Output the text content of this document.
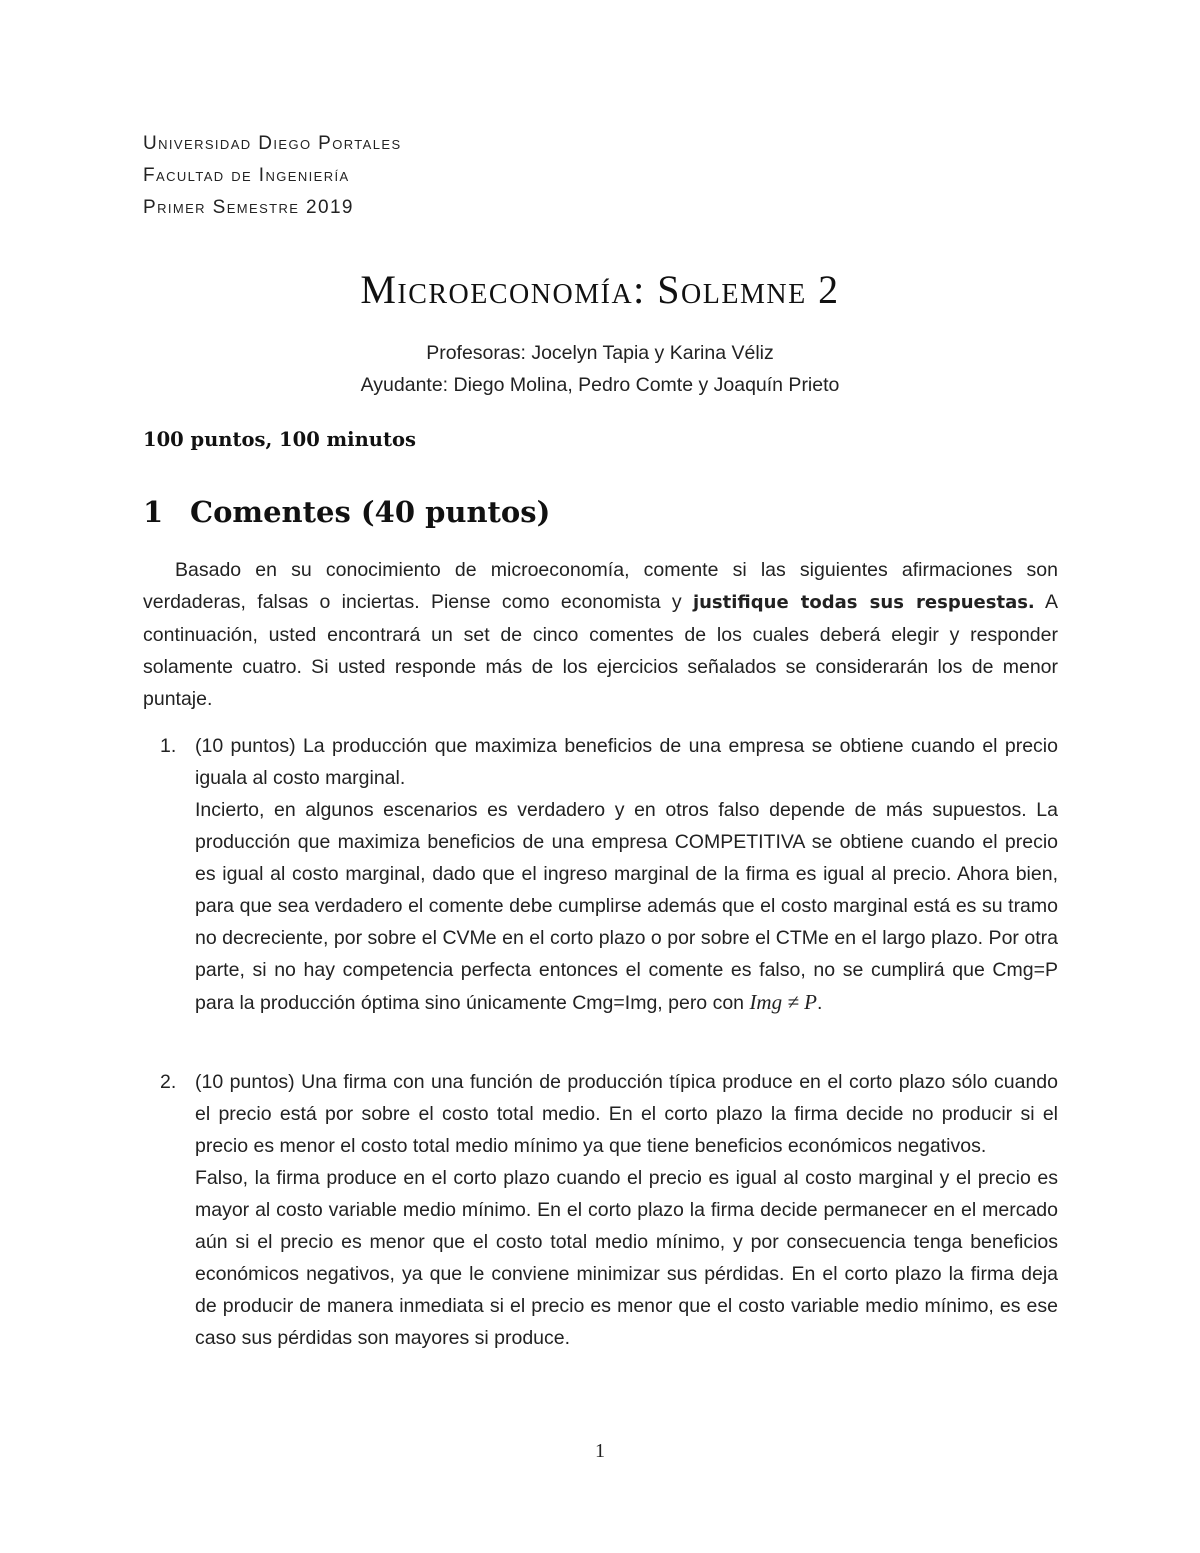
Universidad Diego Portales
Facultad de Ingeniería
Primer Semestre 2019
Microeconomía: Solemne 2
Profesoras: Jocelyn Tapia y Karina Véliz
Ayudante: Diego Molina, Pedro Comte y Joaquín Prieto
100 puntos, 100 minutos
1 Comentes (40 puntos)
Basado en su conocimiento de microeconomía, comente si las siguientes afirmaciones son verdaderas, falsas o inciertas. Piense como economista y justifique todas sus respuestas. A continuación, usted encontrará un set de cinco comentes de los cuales deberá elegir y responder solamente cuatro. Si usted responde más de los ejercicios señalados se considerarán los de menor puntaje.
1. (10 puntos) La producción que maximiza beneficios de una empresa se obtiene cuando el precio iguala al costo marginal.

Incierto, en algunos escenarios es verdadero y en otros falso depende de más supuestos. La producción que maximiza beneficios de una empresa COMPETITIVA se obtiene cuando el precio es igual al costo marginal, dado que el ingreso marginal de la firma es igual al precio. Ahora bien, para que sea verdadero el comente debe cumplirse además que el costo marginal está es su tramo no decreciente, por sobre el CVMe en el corto plazo o por sobre el CTMe en el largo plazo. Por otra parte, si no hay competencia perfecta entonces el comente es falso, no se cumplirá que Cmg=P para la producción óptima sino únicamente Cmg=Img, pero con Img ≠ P.

2. (10 puntos) Una firma con una función de producción típica produce en el corto plazo sólo cuando el precio está por sobre el costo total medio. En el corto plazo la firma decide no producir si el precio es menor el costo total medio mínimo ya que tiene beneficios económicos negativos.

Falso, la firma produce en el corto plazo cuando el precio es igual al costo marginal y el precio es mayor al costo variable medio mínimo. En el corto plazo la firma decide permanecer en el mercado aún si el precio es menor que el costo total medio mínimo, y por consecuencia tenga beneficios económicos negativos, ya que le conviene minimizar sus pérdidas. En el corto plazo la firma deja de producir de manera inmediata si el precio es menor que el costo variable medio mínimo, es ese caso sus pérdidas son mayores si produce.

1
